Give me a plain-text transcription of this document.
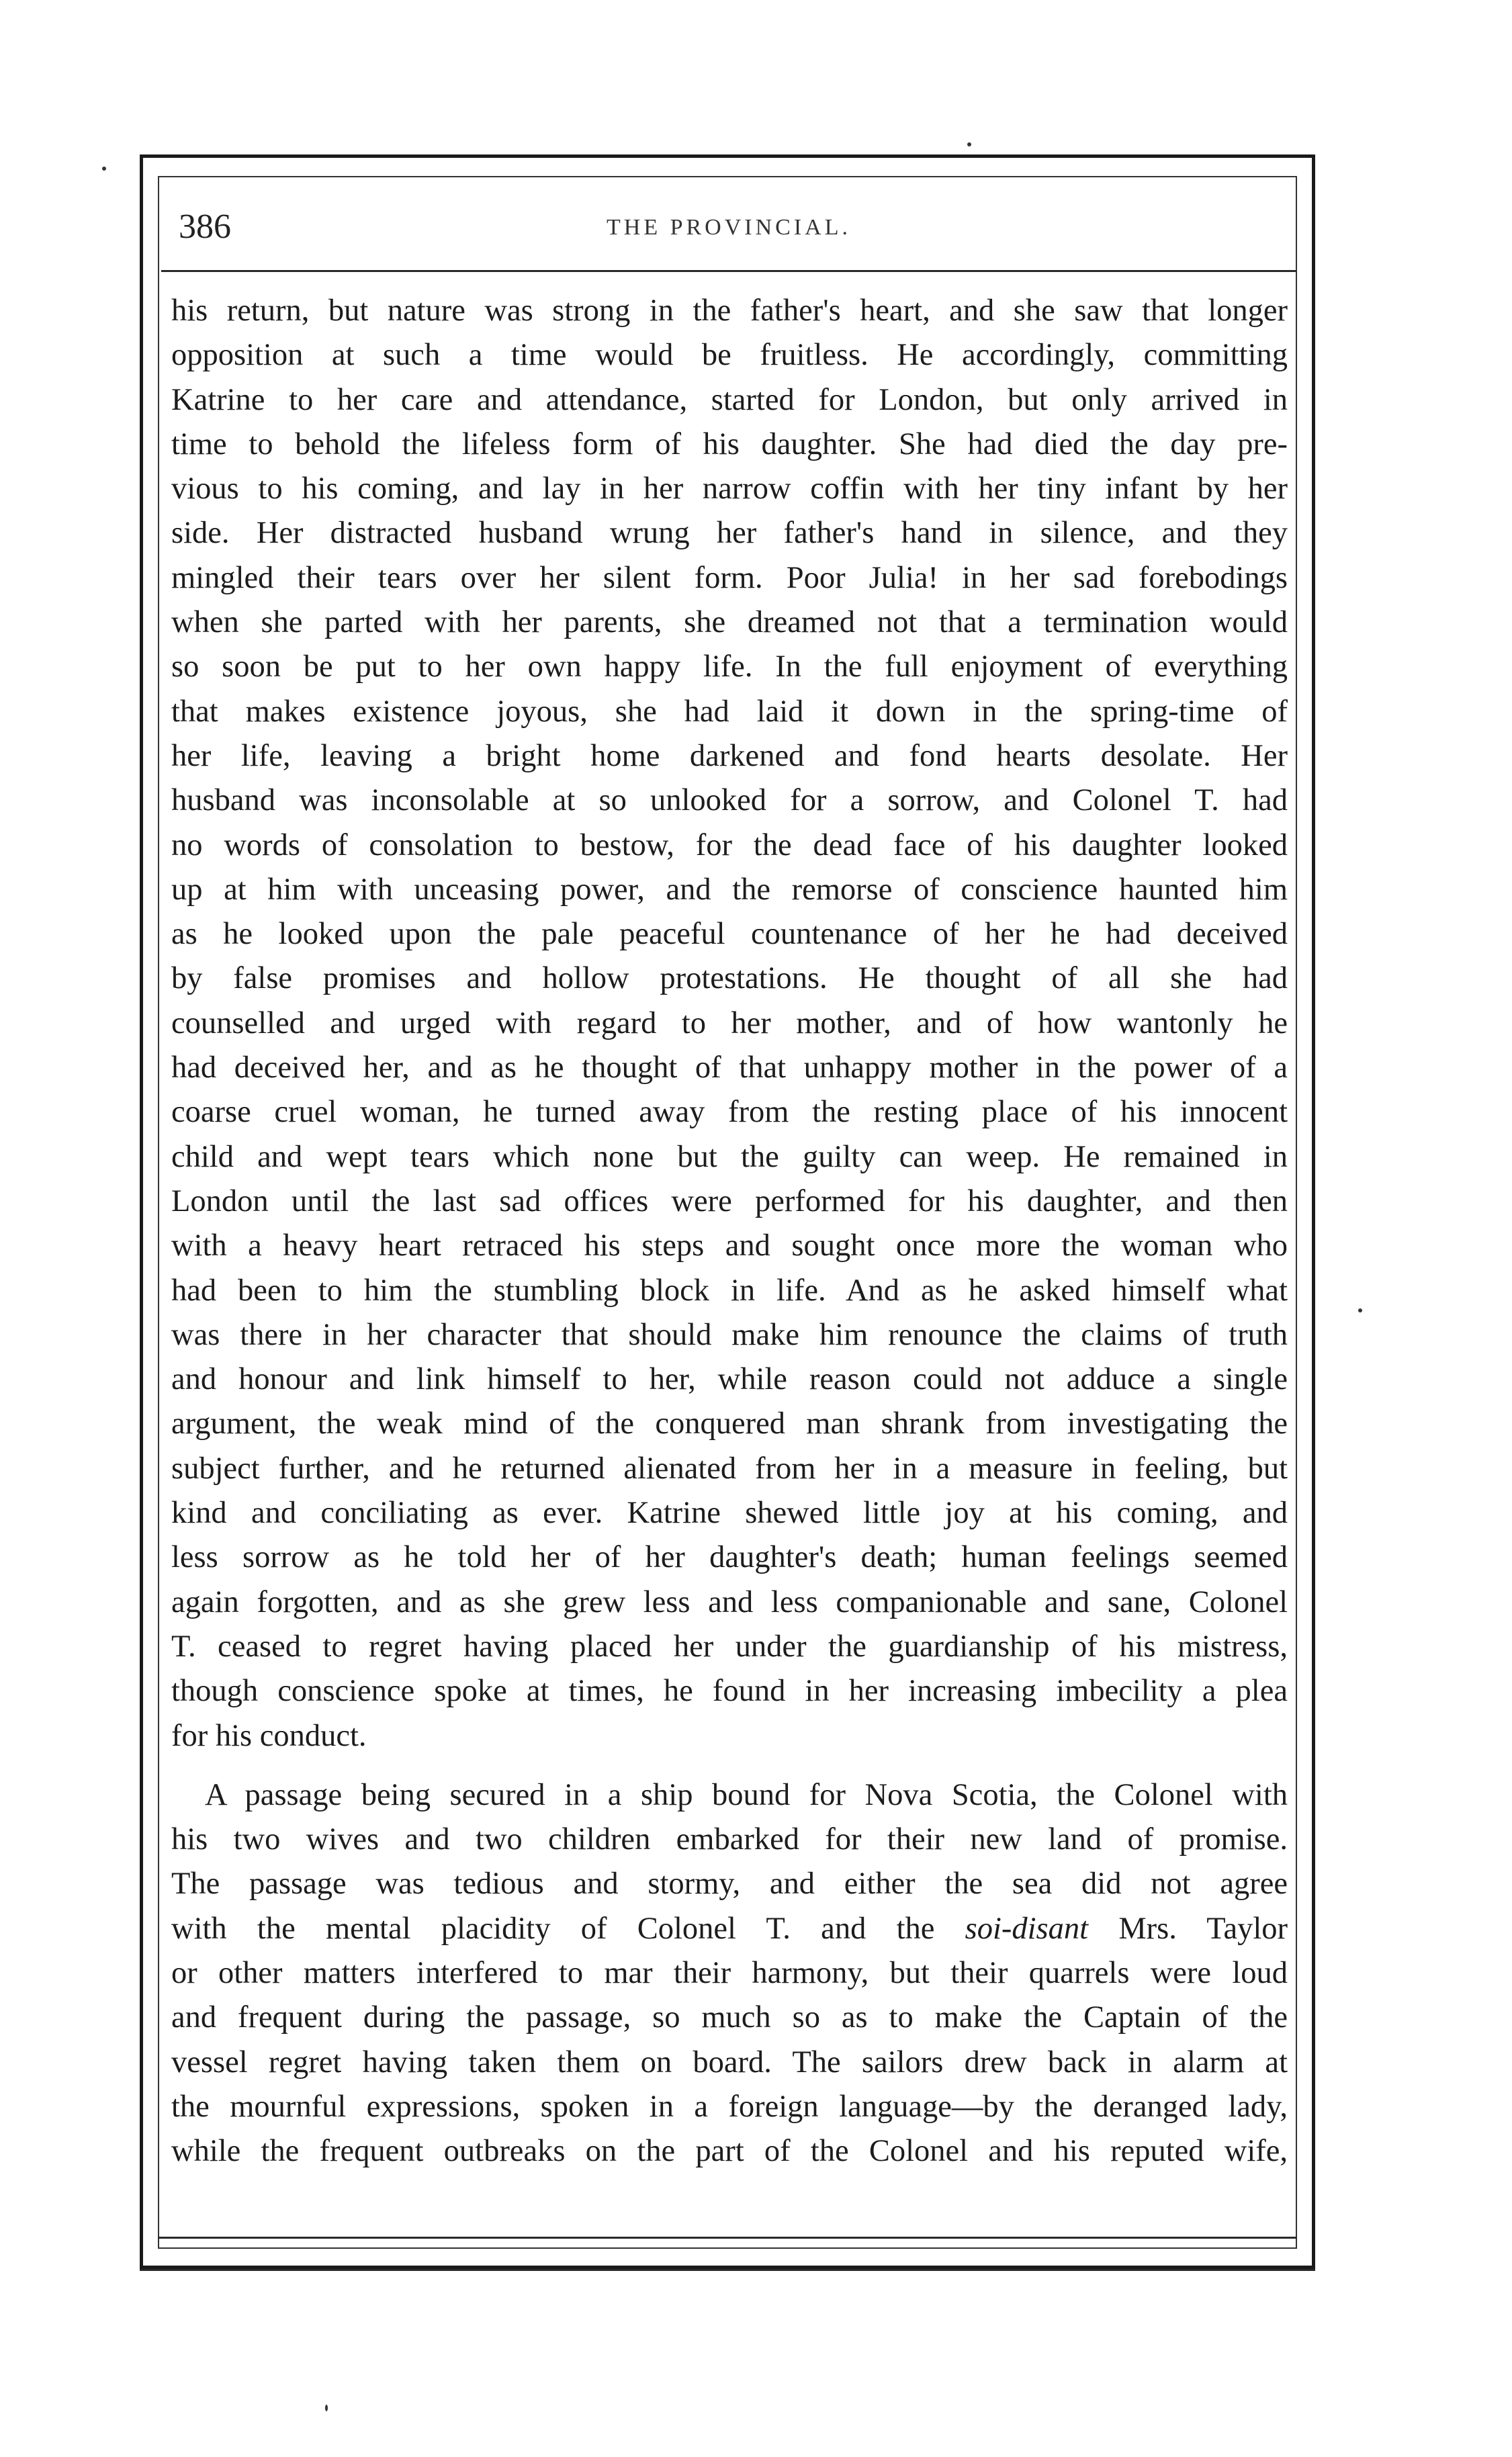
386	THE PROVINCIAL.
his return, but nature was strong in the father's heart, and she saw that longer
opposition at such a time would be fruitless. He accordingly, committing
Katrine to her care and attendance, started for London, but only arrived in
time to behold the lifeless form of his daughter. She had died the day pre-
vious to his coming, and lay in her narrow coffin with her tiny infant by her
side. Her distracted husband wrung her father's hand in silence, and they
mingled their tears over her silent form. Poor Julia! in her sad forebodings
when she parted with her parents, she dreamed not that a termination would
so soon be put to her own happy life. In the full enjoyment of everything
that makes existence joyous, she had laid it down in the spring-time of
her life, leaving a bright home darkened and fond hearts desolate. Her
husband was inconsolable at so unlooked for a sorrow, and Colonel T. had
no words of consolation to bestow, for the dead face of his daughter looked
up at him with unceasing power, and the remorse of conscience haunted him
as he looked upon the pale peaceful countenance of her he had deceived
by false promises and hollow protestations. He thought of all she had
counselled and urged with regard to her mother, and of how wantonly he
had deceived her, and as he thought of that unhappy mother in the power of a
coarse cruel woman, he turned away from the resting place of his innocent
child and wept tears which none but the guilty can weep. He remained in
London until the last sad offices were performed for his daughter, and then
with a heavy heart retraced his steps and sought once more the woman who
had been to him the stumbling block in life. And as he asked himself what
was there in her character that should make him renounce the claims of truth
and honour and link himself to her, while reason could not adduce a single
argument, the weak mind of the conquered man shrank from investigating the
subject further, and he returned alienated from her in a measure in feeling, but
kind and conciliating as ever. Katrine shewed little joy at his coming, and
less sorrow as he told her of her daughter's death; human feelings seemed
again forgotten, and as she grew less and less companionable and sane, Colonel
T. ceased to regret having placed her under the guardianship of his mistress,
though conscience spoke at times, he found in her increasing imbecility a plea
for his conduct.
A passage being secured in a ship bound for Nova Scotia, the Colonel with
his two wives and two children embarked for their new land of promise.
The passage was tedious and stormy, and either the sea did not agree
with the mental placidity of Colonel T. and the soi-disant Mrs. Taylor
or other matters interfered to mar their harmony, but their quarrels were loud
and frequent during the passage, so much so as to make the Captain of the
vessel regret having taken them on board. The sailors drew back in alarm at
the mournful expressions, spoken in a foreign language—by the deranged lady,
while the frequent outbreaks on the part of the Colonel and his reputed wife,
